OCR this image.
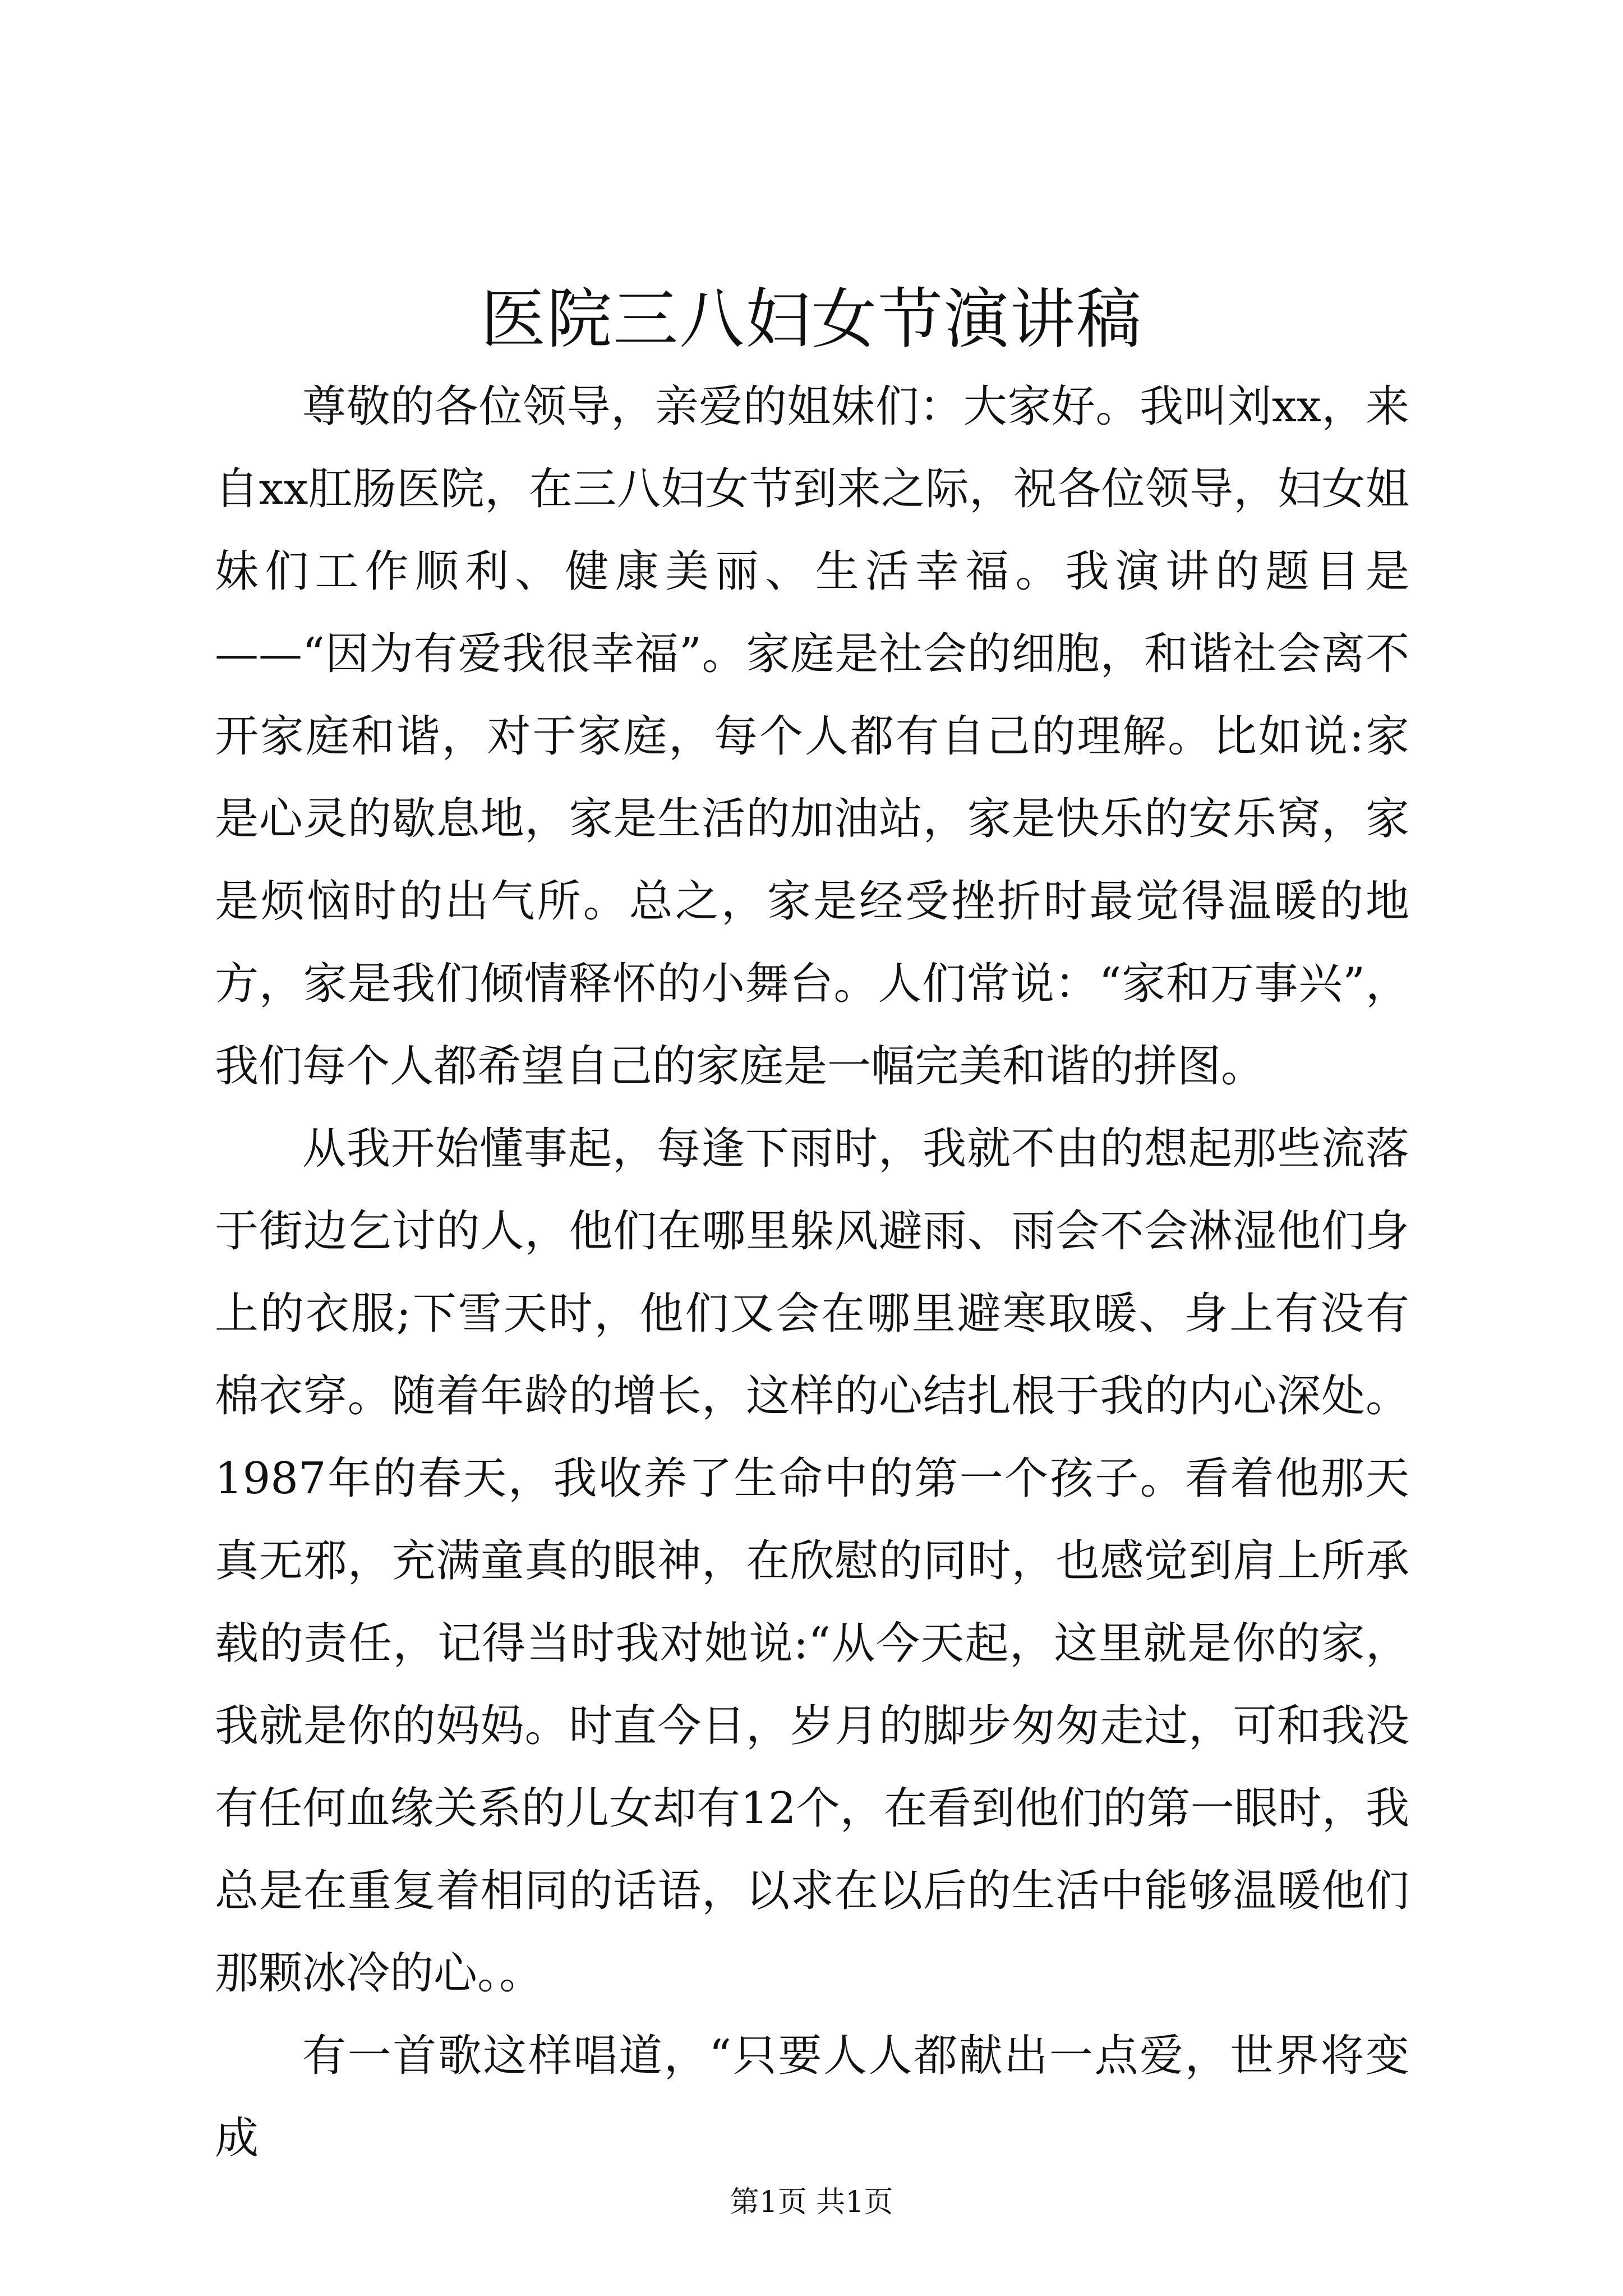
医院三八妇女节演讲稿

尊敬的各位领导，亲爱的姐妹们：大家好。我叫刘xx，来自xx肛肠医院，在三八妇女节到来之际，祝各位领导，妇女姐妹们工作顺利、健康美丽、生活幸福。我演讲的题目是——“因为有爱我很幸福”。家庭是社会的细胞，和谐社会离不开家庭和谐，对于家庭，每个人都有自己的理解。比如说:家是心灵的歇息地，家是生活的加油站，家是快乐的安乐窝，家是烦恼时的出气所。总之，家是经受挫折时最觉得温暖的地方，家是我们倾情释怀的小舞台。人们常说：“家和万事兴”，我们每个人都希望自己的家庭是一幅完美和谐的拼图。

从我开始懂事起，每逢下雨时，我就不由的想起那些流落于街边乞讨的人，他们在哪里躲风避雨、雨会不会淋湿他们身上的衣服;下雪天时，他们又会在哪里避寒取暖、身上有没有棉衣穿。随着年龄的增长，这样的心结扎根于我的内心深处。1987年的春天，我收养了生命中的第一个孩子。看着他那天真无邪，充满童真的眼神，在欣慰的同时，也感觉到肩上所承载的责任，记得当时我对她说:“从今天起，这里就是你的家，我就是你的妈妈。时直今日，岁月的脚步匆匆走过，可和我没有任何血缘关系的儿女却有12个，在看到他们的第一眼时，我总是在重复着相同的话语，以求在以后的生活中能够温暖他们那颗冰冷的心。。

有一首歌这样唱道，“只要人人都献出一点爱，世界将变成

第1页 共1页
